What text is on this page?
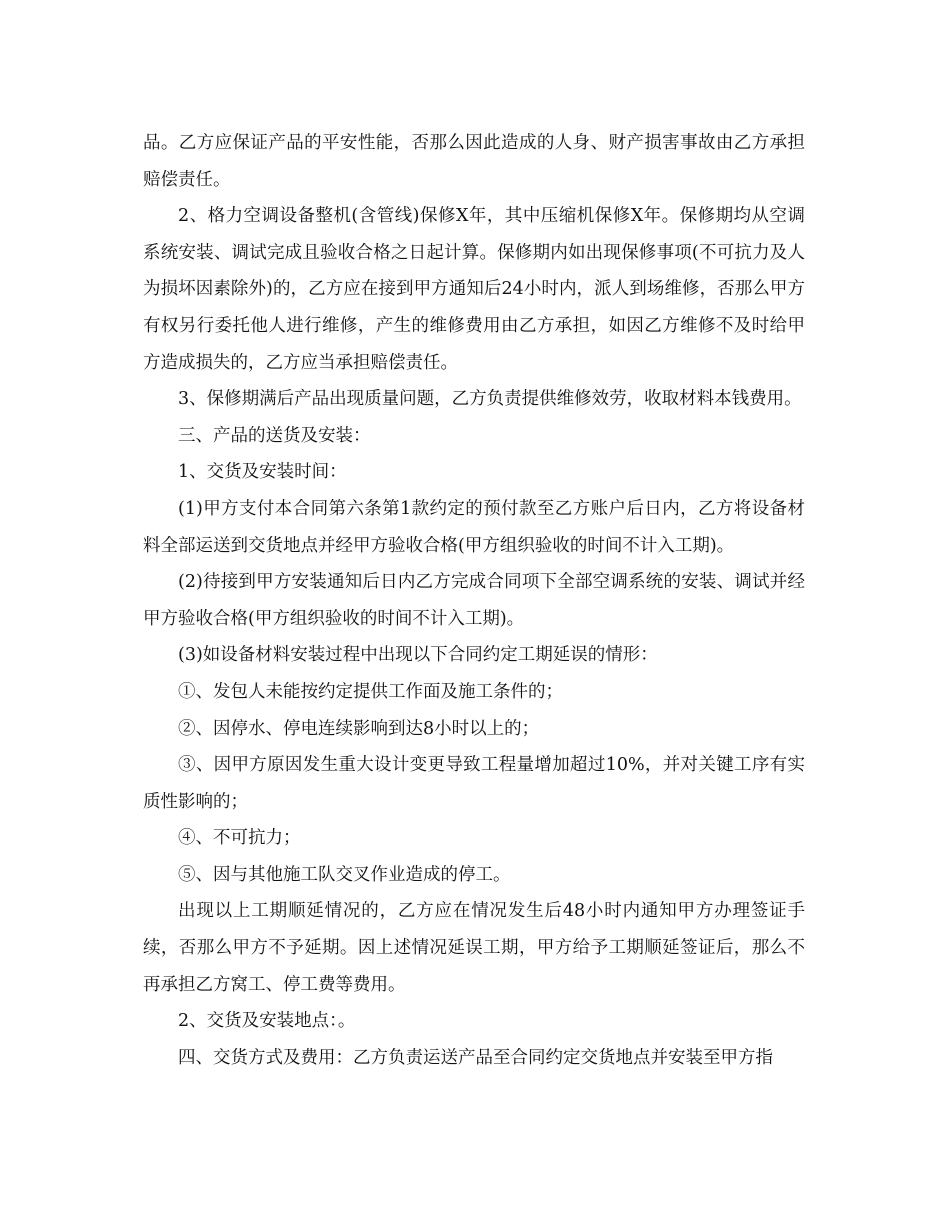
品。乙方应保证产品的平安性能，否那么因此造成的人身、财产损害事故由乙方承担赔偿责任。

2、格力空调设备整机(含管线)保修X年，其中压缩机保修X年。保修期均从空调系统安装、调试完成且验收合格之日起计算。保修期内如出现保修事项(不可抗力及人为损坏因素除外)的，乙方应在接到甲方通知后24小时内，派人到场维修，否那么甲方有权另行委托他人进行维修，产生的维修费用由乙方承担，如因乙方维修不及时给甲方造成损失的，乙方应当承担赔偿责任。

3、保修期满后产品出现质量问题，乙方负责提供维修效劳，收取材料本钱费用。

三、产品的送货及安装：

1、交货及安装时间：

(1)甲方支付本合同第六条第1款约定的预付款至乙方账户后日内，乙方将设备材料全部运送到交货地点并经甲方验收合格(甲方组织验收的时间不计入工期)。

(2)待接到甲方安装通知后日内乙方完成合同项下全部空调系统的安装、调试并经甲方验收合格(甲方组织验收的时间不计入工期)。

(3)如设备材料安装过程中出现以下合同约定工期延误的情形：

①、发包人未能按约定提供工作面及施工条件的；

②、因停水、停电连续影响到达8小时以上的；

③、因甲方原因发生重大设计变更导致工程量增加超过10%，并对关键工序有实质性影响的；

④、不可抗力；

⑤、因与其他施工队交叉作业造成的停工。

出现以上工期顺延情况的，乙方应在情况发生后48小时内通知甲方办理签证手续，否那么甲方不予延期。因上述情况延误工期，甲方给予工期顺延签证后，那么不再承担乙方窝工、停工费等费用。

2、交货及安装地点：。

四、交货方式及费用：乙方负责运送产品至合同约定交货地点并安装至甲方指
